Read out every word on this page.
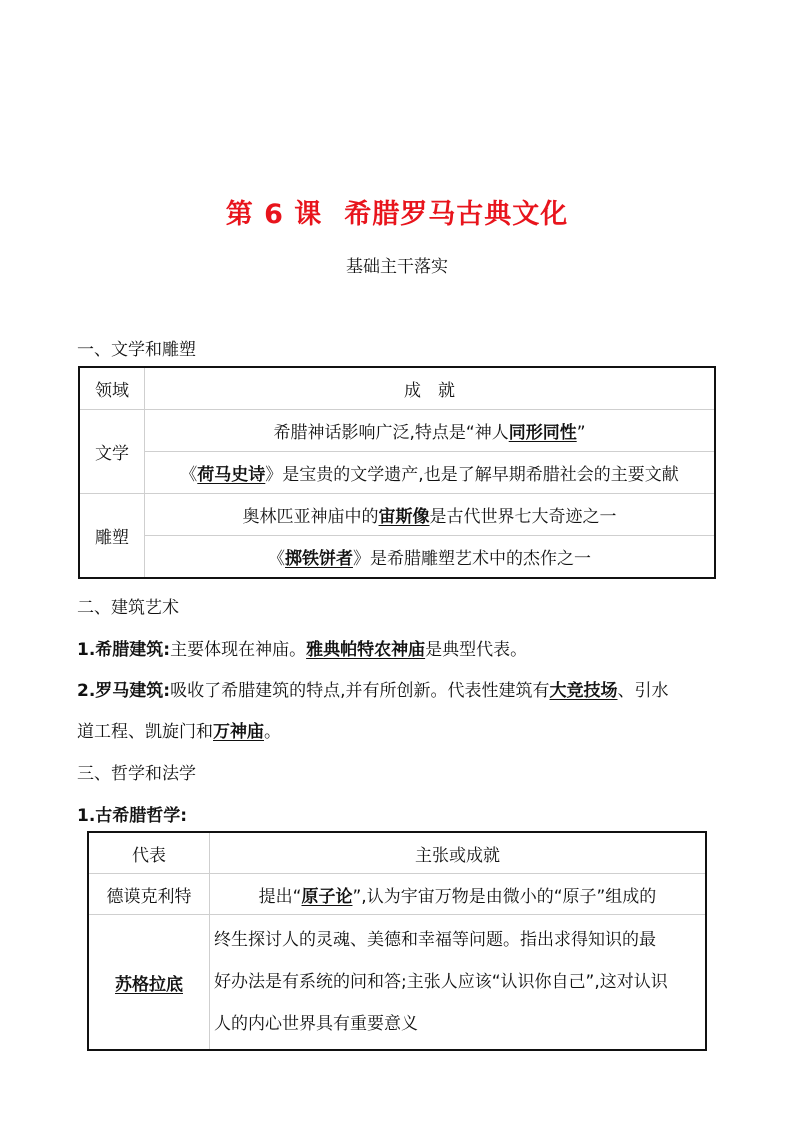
第 6 课 希腊罗马古典文化
基础主干落实
一、文学和雕塑
领域	成　就
文学	希腊神话影响广泛,特点是“神人同形同性”
	《荷马史诗》是宝贵的文学遗产,也是了解早期希腊社会的主要文献
雕塑	奥林匹亚神庙中的宙斯像是古代世界七大奇迹之一
	《掷铁饼者》是希腊雕塑艺术中的杰作之一
二、建筑艺术
1.希腊建筑:主要体现在神庙。雅典帕特农神庙是典型代表。
2.罗马建筑:吸收了希腊建筑的特点,并有所创新。代表性建筑有大竞技场、引水
道工程、凯旋门和万神庙。
三、哲学和法学
1.古希腊哲学:
代表	主张或成就
德谟克利特	提出“原子论”,认为宇宙万物是由微小的“原子”组成的
苏格拉底	终生探讨人的灵魂、美德和幸福等问题。指出求得知识的最
好办法是有系统的问和答;主张人应该“认识你自己”,这对认识
人的内心世界具有重要意义
